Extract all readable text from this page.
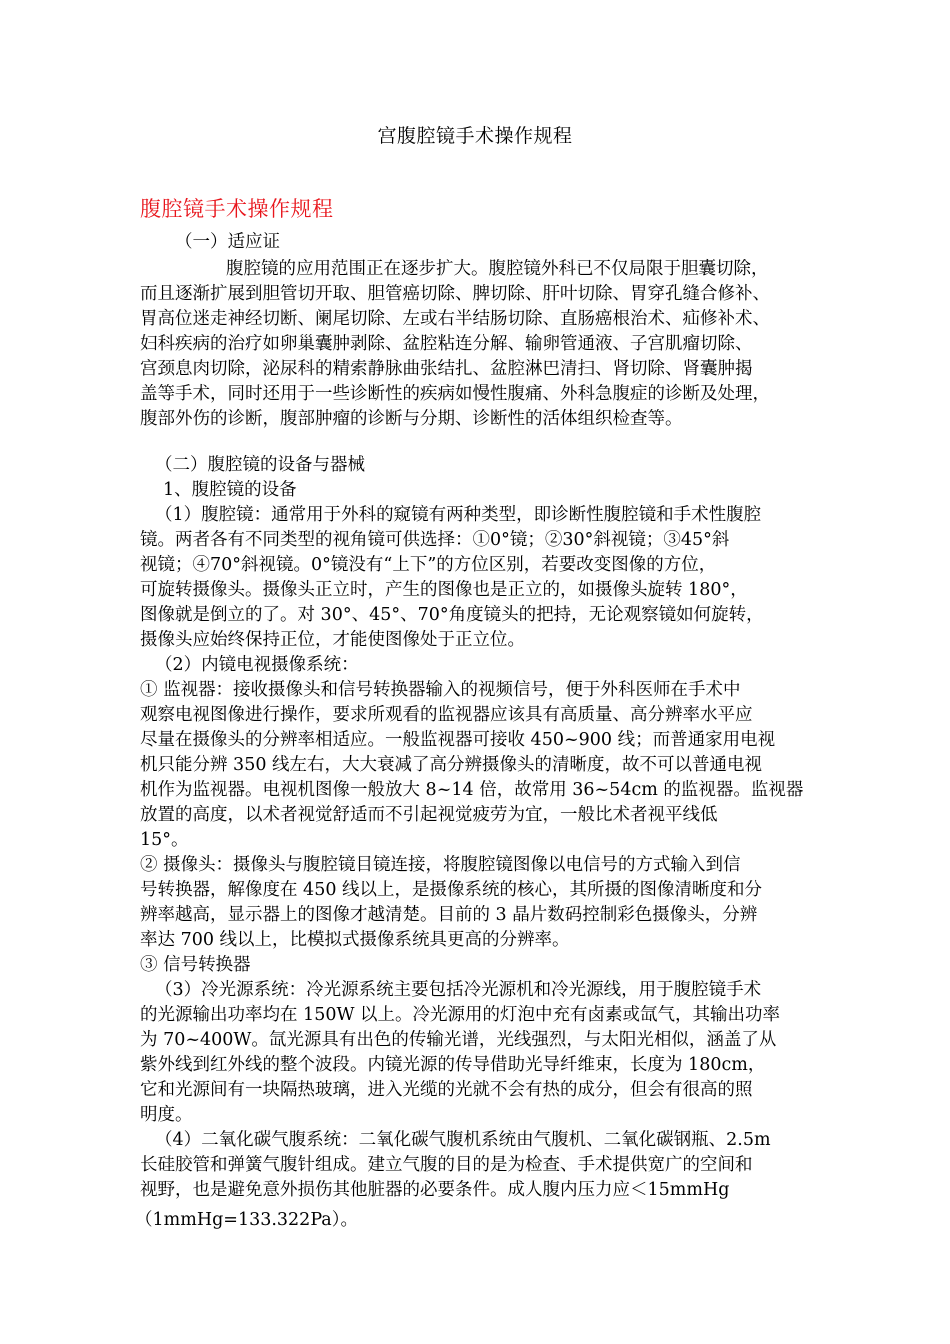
宫腹腔镜手术操作规程
腹腔镜手术操作规程
（一）适应证
腹腔镜的应用范围正在逐步扩大。腹腔镜外科已不仅局限于胆囊切除，
而且逐渐扩展到胆管切开取、胆管癌切除、脾切除、肝叶切除、胃穿孔缝合修补、
胃高位迷走神经切断、阑尾切除、左或右半结肠切除、直肠癌根治术、疝修补术、
妇科疾病的治疗如卵巢囊肿剥除、盆腔粘连分解、输卵管通液、子宫肌瘤切除、
宫颈息肉切除，泌尿科的精索静脉曲张结扎、盆腔淋巴清扫、肾切除、肾囊肿揭
盖等手术，同时还用于一些诊断性的疾病如慢性腹痛、外科急腹症的诊断及处理，
腹部外伤的诊断，腹部肿瘤的诊断与分期、诊断性的活体组织检查等。
（二）腹腔镜的设备与器械
1、腹腔镜的设备
（1）腹腔镜：通常用于外科的窥镜有两种类型，即诊断性腹腔镜和手术性腹腔
镜。两者各有不同类型的视角镜可供选择：①0°镜；②30°斜视镜；③45°斜
视镜；④70°斜视镜。0°镜没有“上下”的方位区别，若要改变图像的方位，
可旋转摄像头。摄像头正立时，产生的图像也是正立的，如摄像头旋转 180°，
图像就是倒立的了。对 30°、45°、70°角度镜头的把持，无论观察镜如何旋转，
摄像头应始终保持正位，才能使图像处于正立位。
（2）内镜电视摄像系统：
① 监视器：接收摄像头和信号转换器输入的视频信号，便于外科医师在手术中
观察电视图像进行操作，要求所观看的监视器应该具有高质量、高分辨率水平应
尽量在摄像头的分辨率相适应。一般监视器可接收 450~900 线；而普通家用电视
机只能分辨 350 线左右，大大衰减了高分辨摄像头的清晰度，故不可以普通电视
机作为监视器。电视机图像一般放大 8~14 倍，故常用 36~54cm 的监视器。监视器
放置的高度，以术者视觉舒适而不引起视觉疲劳为宜，一般比术者视平线低
15°。
② 摄像头：摄像头与腹腔镜目镜连接，将腹腔镜图像以电信号的方式输入到信
号转换器，解像度在 450 线以上，是摄像系统的核心，其所摄的图像清晰度和分
辨率越高，显示器上的图像才越清楚。目前的 3 晶片数码控制彩色摄像头，分辨
率达 700 线以上，比模拟式摄像系统具更高的分辨率。
③ 信号转换器
（3）冷光源系统：冷光源系统主要包括冷光源机和冷光源线，用于腹腔镜手术
的光源输出功率均在 150W 以上。冷光源用的灯泡中充有卤素或氙气，其输出功率
为 70~400W。氙光源具有出色的传输光谱，光线强烈，与太阳光相似，涵盖了从
紫外线到红外线的整个波段。内镜光源的传导借助光导纤维束，长度为 180cm，
它和光源间有一块隔热玻璃，进入光缆的光就不会有热的成分，但会有很高的照
明度。
（4）二氧化碳气腹系统：二氧化碳气腹机系统由气腹机、二氧化碳钢瓶、2.5m
长硅胶管和弹簧气腹针组成。建立气腹的目的是为检查、手术提供宽广的空间和
视野，也是避免意外损伤其他脏器的必要条件。成人腹内压力应＜15mmHg
（1mmHg=133.322Pa）。
